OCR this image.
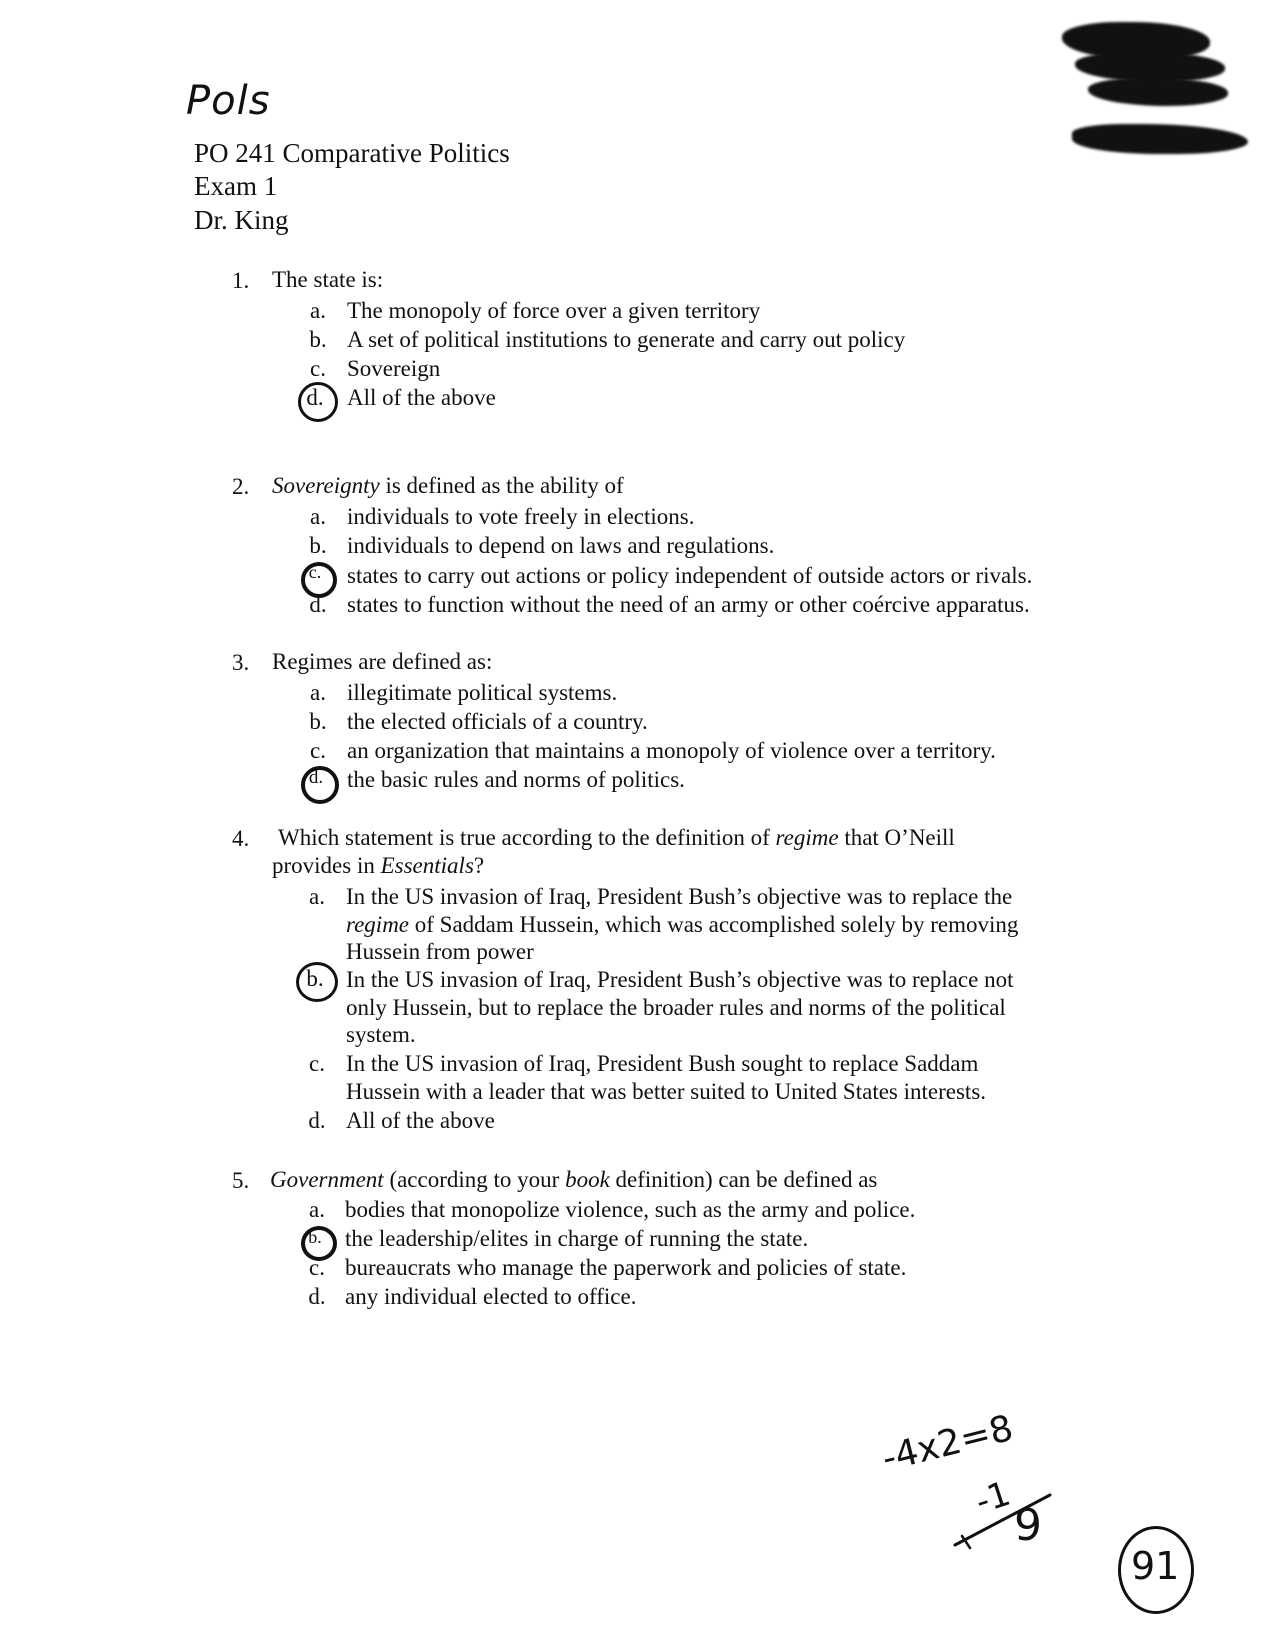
Pols
PO 241 Comparative Politics
Exam 1
Dr. King
1. The state is:
a. The monopoly of force over a given territory
b. A set of political institutions to generate and carry out policy
c. Sovereign
d. All of the above
2. Sovereignty is defined as the ability of
a. individuals to vote freely in elections.
b. individuals to depend on laws and regulations.
c. states to carry out actions or policy independent of outside actors or rivals.
d. states to function without the need of an army or other coércive apparatus.
3. Regimes are defined as:
a. illegitimate political systems.
b. the elected officials of a country.
c. an organization that maintains a monopoly of violence over a territory.
d. the basic rules and norms of politics.
4. Which statement is true according to the definition of regime that O’Neill
provides in Essentials?
a. In the US invasion of Iraq, President Bush’s objective was to replace the
regime of Saddam Hussein, which was accomplished solely by removing
Hussein from power
b. In the US invasion of Iraq, President Bush’s objective was to replace not
only Hussein, but to replace the broader rules and norms of the political
system.
c. In the US invasion of Iraq, President Bush sought to replace Saddam
Hussein with a leader that was better suited to United States interests.
d. All of the above
5. Government (according to your book definition) can be defined as
a. bodies that monopolize violence, such as the army and police.
b. the leadership/elites in charge of running the state.
c. bureaucrats who manage the paperwork and policies of state.
d. any individual elected to office.
-4x2=8
-1
9
91
